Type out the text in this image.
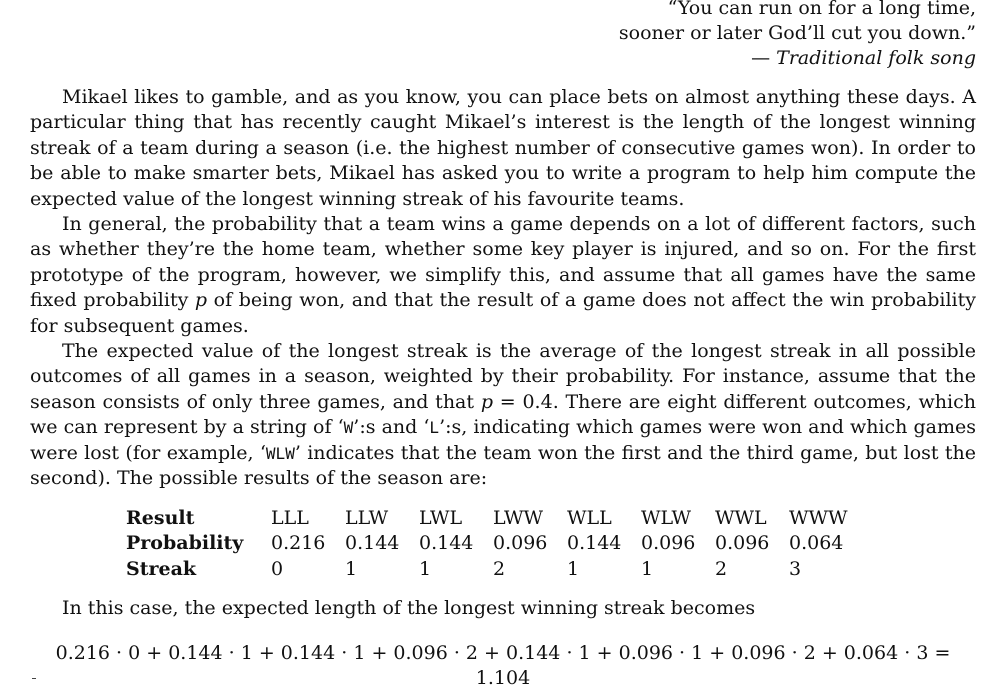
“You can run on for a long time,
sooner or later God’ll cut you down.”
— Traditional folk song

Mikael likes to gamble, and as you know, you can place bets on almost anything these days. A particular thing that has recently caught Mikael’s interest is the length of the longest winning streak of a team during a season (i.e. the highest number of consecutive games won). In order to be able to make smarter bets, Mikael has asked you to write a program to help him compute the expected value of the longest winning streak of his favourite teams.

In general, the probability that a team wins a game depends on a lot of different factors, such as whether they’re the home team, whether some key player is injured, and so on. For the first prototype of the program, however, we simplify this, and assume that all games have the same fixed probability p of being won, and that the result of a game does not affect the win probability for subsequent games.

The expected value of the longest streak is the average of the longest streak in all possible outcomes of all games in a season, weighted by their probability. For instance, assume that the season consists of only three games, and that p = 0.4. There are eight different outcomes, which we can represent by a string of ‘W’:s and ‘L’:s, indicating which games were won and which games were lost (for example, ‘WLW’ indicates that the team won the first and the third game, but lost the second). The possible results of the season are:

Result	LLL	LLW	LWL	LWW	WLL	WLW	WWL	WWW
Probability	0.216	0.144	0.144	0.096	0.144	0.096	0.096	0.064
Streak	0	1	1	2	1	1	2	3
In this case, the expected length of the longest winning streak becomes
0.216 · 0 + 0.144 · 1 + 0.144 · 1 + 0.096 · 2 + 0.144 · 1 + 0.096 · 1 + 0.096 · 2 + 0.064 · 3 = 1.104
